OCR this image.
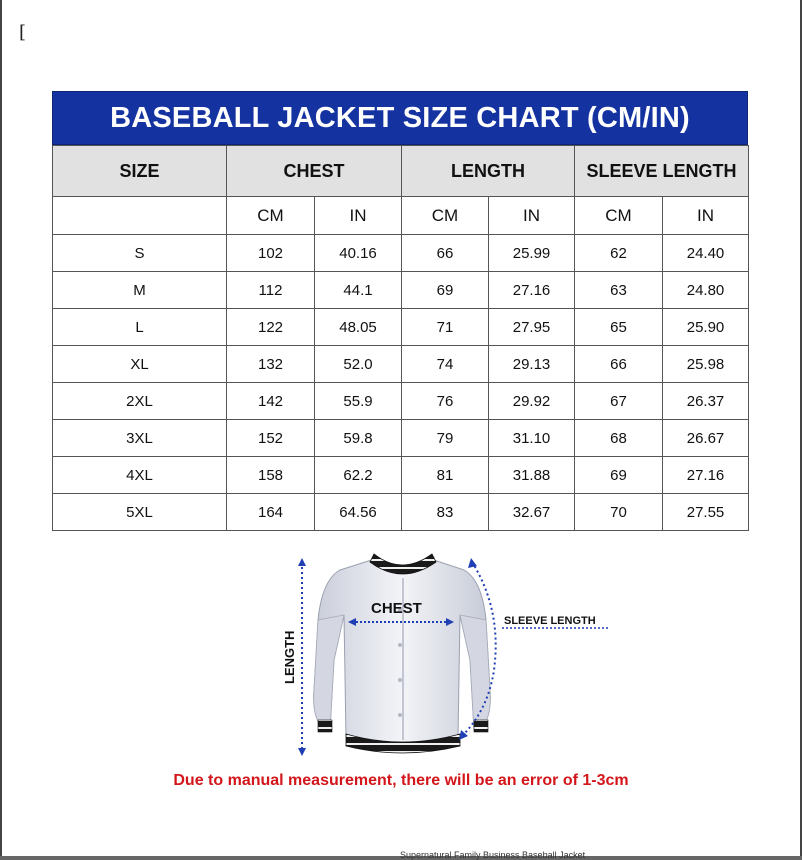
[
BASEBALL JACKET SIZE CHART (CM/IN)
SIZE	CHEST		LENGTH		SLEEVE LENGTH	
	CM	IN	CM	IN	CM	IN
S	102	40.16	66	25.99	62	24.40
M	112	44.1	69	27.16	63	24.80
L	122	48.05	71	27.95	65	25.90
XL	132	52.0	74	29.13	66	25.98
2XL	142	55.9	76	29.92	67	26.37
3XL	152	59.8	79	31.10	68	26.67
4XL	158	62.2	81	31.88	69	27.16
5XL	164	64.56	83	32.67	70	27.55
LENGTH
CHEST
SLEEVE LENGTH
Due to manual measurement, there will be an error of 1-3cm
Supernatural Family Business Baseball Jacket
